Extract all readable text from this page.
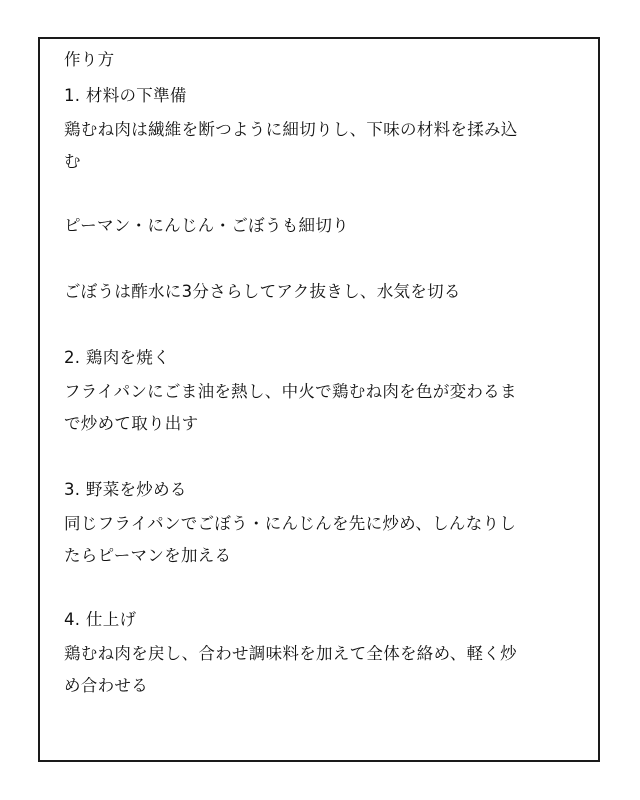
作り方
1. 材料の下準備
鶏むね肉は繊維を断つように細切りし、下味の材料を揉み込
む
ピーマン・にんじん・ごぼうも細切り
ごぼうは酢水に3分さらしてアク抜きし、水気を切る
2. 鶏肉を焼く
フライパンにごま油を熱し、中火で鶏むね肉を色が変わるま
で炒めて取り出す
3. 野菜を炒める
同じフライパンでごぼう・にんじんを先に炒め、しんなりし
たらピーマンを加える
4. 仕上げ
鶏むね肉を戻し、合わせ調味料を加えて全体を絡め、軽く炒
め合わせる
